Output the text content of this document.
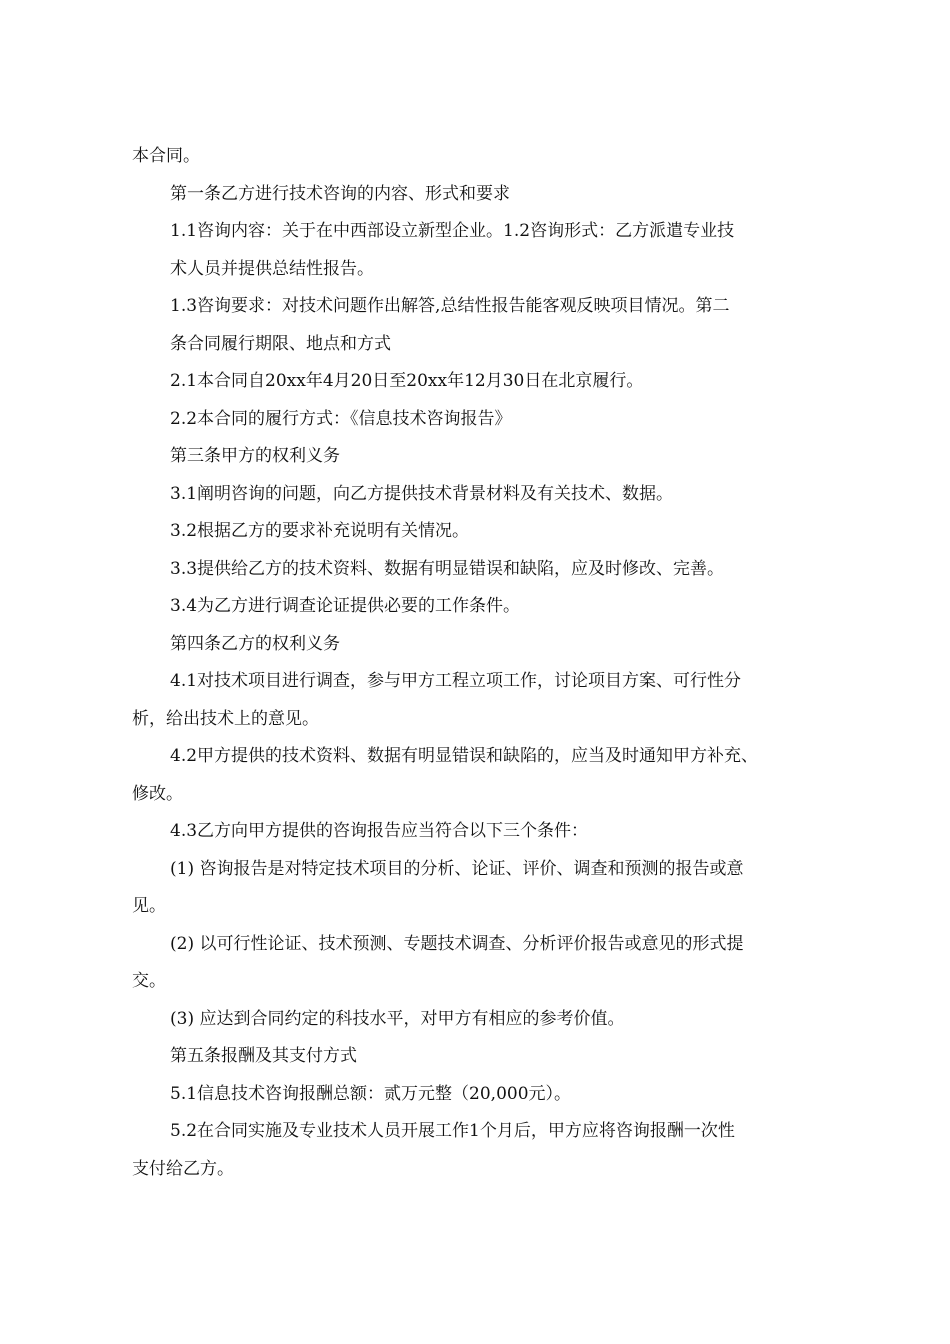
本合同。
第一条乙方进行技术咨询的内容、形式和要求
1.1咨询内容：关于在中西部设立新型企业。1.2咨询形式：乙方派遣专业技
术人员并提供总结性报告。
1.3咨询要求：对技术问题作出解答,总结性报告能客观反映项目情况。第二
条合同履行期限、地点和方式
2.1本合同自20xx年4月20日至20xx年12月30日在北京履行。
2.2本合同的履行方式：《信息技术咨询报告》
第三条甲方的权利义务
3.1阐明咨询的问题，向乙方提供技术背景材料及有关技术、数据。
3.2根据乙方的要求补充说明有关情况。
3.3提供给乙方的技术资料、数据有明显错误和缺陷，应及时修改、完善。
3.4为乙方进行调查论证提供必要的工作条件。
第四条乙方的权利义务
4.1对技术项目进行调查，参与甲方工程立项工作，讨论项目方案、可行性分
析，给出技术上的意见。
4.2甲方提供的技术资料、数据有明显错误和缺陷的，应当及时通知甲方补充、
修改。
4.3乙方向甲方提供的咨询报告应当符合以下三个条件：
(1) 咨询报告是对特定技术项目的分析、论证、评价、调查和预测的报告或意
见。
(2) 以可行性论证、技术预测、专题技术调查、分析评价报告或意见的形式提
交。
(3) 应达到合同约定的科技水平，对甲方有相应的参考价值。
第五条报酬及其支付方式
5.1信息技术咨询报酬总额：贰万元整（20,000元）。
5.2在合同实施及专业技术人员开展工作1个月后，甲方应将咨询报酬一次性
支付给乙方。
